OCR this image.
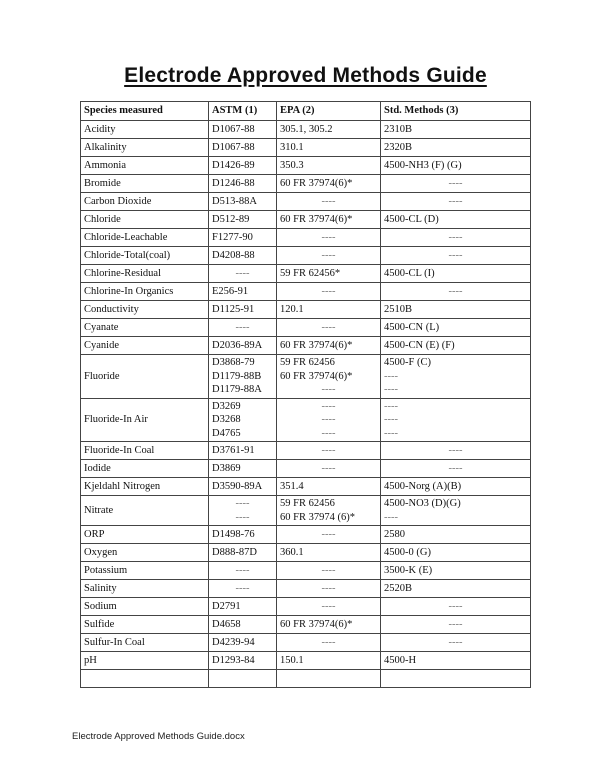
Electrode Approved Methods Guide
Species measured	ASTM (1)	EPA (2)	Std. Methods (3)

Acidity	D1067-88	305.1, 305.2	2310B

Alkalinity	D1067-88	310.1	2320B

Ammonia	D1426-89	350.3	4500-NH3 (F) (G)

Bromide	D1246-88	60 FR 37974(6)*	----

Carbon Dioxide	D513-88A	----	----

Chloride	D512-89	60 FR 37974(6)*	4500-CL (D)

Chloride-Leachable	F1277-90	----	----

Chloride-Total(coal)	D4208-88	----	----

Chlorine-Residual	----	59 FR 62456*	4500-CL (I)

Chlorine-In Organics	E256-91	----	----

Conductivity	D1125-91	120.1	2510B

Cyanate	----	----	4500-CN (L)

Cyanide	D2036-89A	60 FR 37974(6)*	4500-CN (E) (F)

Fluoride	D3868-79
D1179-88B
D1179-88A	59 FR 62456
60 FR 37974(6)*
----	4500-F (C)
----
----

Fluoride-In Air	D3269
D3268
D4765	----
----
----	----
----
----

Fluoride-In Coal	D3761-91	----	----

Iodide	D3869	----	----

Kjeldahl Nitrogen	D3590-89A	351.4	4500-Norg (A)(B)

Nitrate	----
----	59 FR 62456
60 FR 37974 (6)*	4500-NO3 (D)(G)
----

ORP	D1498-76	----	2580

Oxygen	D888-87D	360.1	4500-0 (G)

Potassium	----	----	3500-K (E)

Salinity	----	----	2520B

Sodium	D2791	----	----

Sulfide	D4658	60 FR 37974(6)*	----

Sulfur-In Coal	D4239-94	----	----

pH	D1293-84	150.1	4500-H

Electrode Approved Methods Guide.docx
